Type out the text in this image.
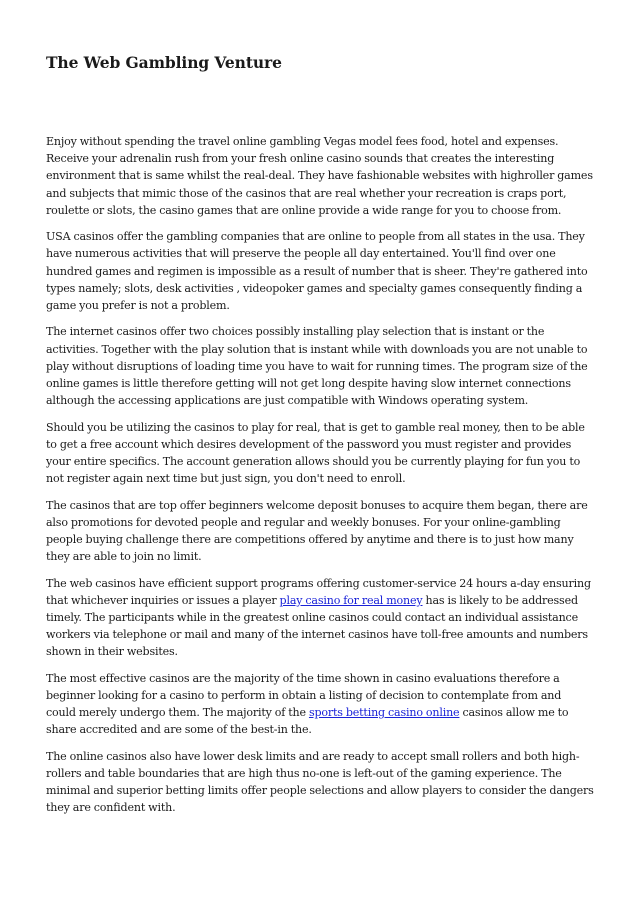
The Web Gambling Venture

Enjoy without spending the travel online gambling Vegas model fees food, hotel and expenses. Receive your adrenalin rush from your fresh online casino sounds that creates the interesting environment that is same whilst the real-deal. They have fashionable websites with highroller games and subjects that mimic those of the casinos that are real whether your recreation is craps port, roulette or slots, the casino games that are online provide a wide range for you to choose from.

USA casinos offer the gambling companies that are online to people from all states in the usa. They have numerous activities that will preserve the people all day entertained. You'll find over one hundred games and regimen is impossible as a result of number that is sheer. They're gathered into types namely; slots, desk activities , videopoker games and specialty games consequently finding a game you prefer is not a problem.

The internet casinos offer two choices possibly installing play selection that is instant or the activities. Together with the play solution that is instant while with downloads you are not unable to play without disruptions of loading time you have to wait for running times. The program size of the online games is little therefore getting will not get long despite having slow internet connections although the accessing applications are just compatible with Windows operating system.

Should you be utilizing the casinos to play for real, that is get to gamble real money, then to be able to get a free account which desires development of the password you must register and provides your entire specifics. The account generation allows should you be currently playing for fun you to not register again next time but just sign, you don't need to enroll.

The casinos that are top offer beginners welcome deposit bonuses to acquire them began, there are also promotions for devoted people and regular and weekly bonuses. For your online-gambling people buying challenge there are competitions offered by anytime and there is to just how many they are able to join no limit.

The web casinos have efficient support programs offering customer-service 24 hours a-day ensuring that whichever inquiries or issues a player play casino for real money has is likely to be addressed timely. The participants while in the greatest online casinos could contact an individual assistance workers via telephone or mail and many of the internet casinos have toll-free amounts and numbers shown in their websites.

The most effective casinos are the majority of the time shown in casino evaluations therefore a beginner looking for a casino to perform in obtain a listing of decision to contemplate from and could merely undergo them. The majority of the sports betting casino online casinos allow me to share accredited and are some of the best-in the.

The online casinos also have lower desk limits and are ready to accept small rollers and both high-rollers and table boundaries that are high thus no-one is left-out of the gaming experience. The minimal and superior betting limits offer people selections and allow players to consider the dangers they are confident with.
